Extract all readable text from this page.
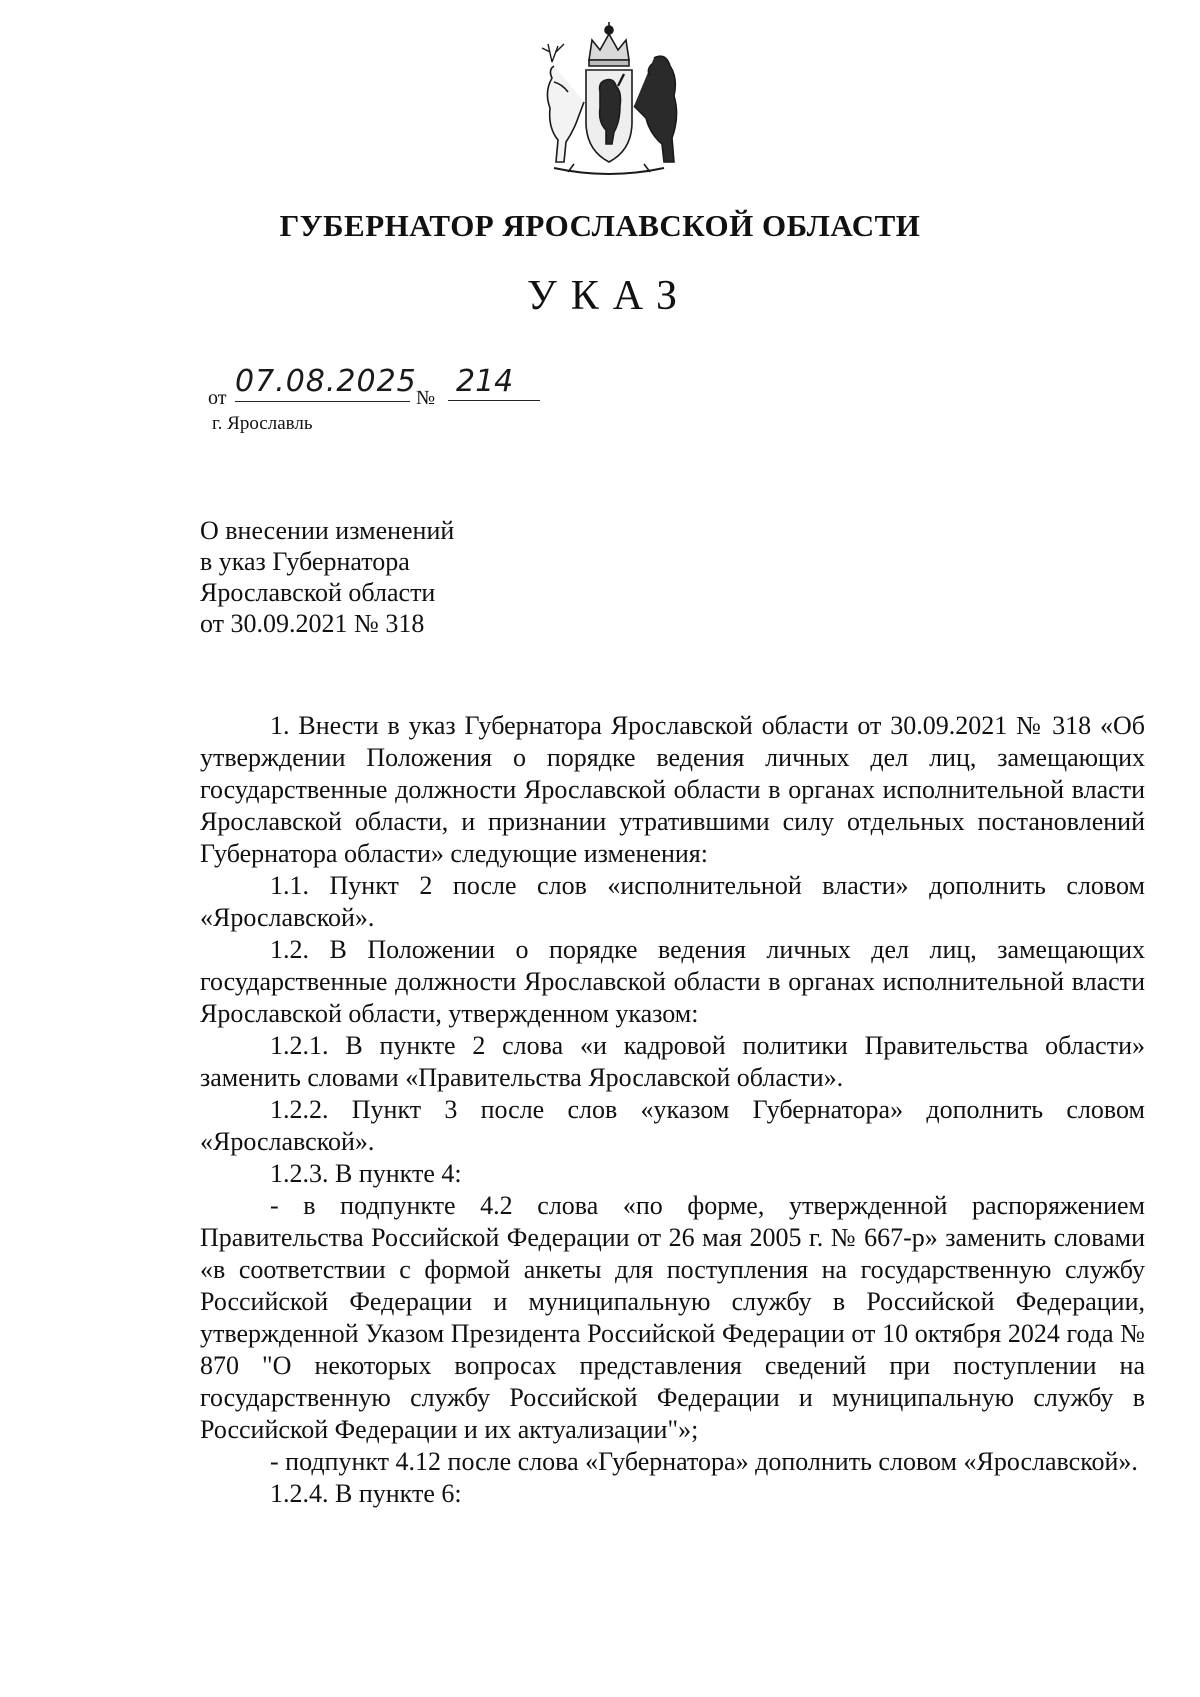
ГУБЕРНАТОР ЯРОСЛАВСКОЙ ОБЛАСТИ
УКАЗ
от 07.08.2025 № 214
г. Ярославль
О внесении изменений
в указ Губернатора
Ярославской области
от 30.09.2021 № 318

1. Внести в указ Губернатора Ярославской области от 30.09.2021 № 318 «Об утверждении Положения о порядке ведения личных дел лиц, замещающих государственные должности Ярославской области в органах исполнительной власти Ярославской области, и признании утратившими силу отдельных постановлений Губернатора области» следующие изменения:

1.1. Пункт 2 после слов «исполнительной власти» дополнить словом «Ярославской».

1.2. В Положении о порядке ведения личных дел лиц, замещающих государственные должности Ярославской области в органах исполнительной власти Ярославской области, утвержденном указом:

1.2.1. В пункте 2 слова «и кадровой политики Правительства области» заменить словами «Правительства Ярославской области».

1.2.2. Пункт 3 после слов «указом Губернатора» дополнить словом «Ярославской».

1.2.3. В пункте 4:

- в подпункте 4.2 слова «по форме, утвержденной распоряжением Правительства Российской Федерации от 26 мая 2005 г. № 667-р» заменить словами «в соответствии с формой анкеты для поступления на государственную службу Российской Федерации и муниципальную службу в Российской Федерации, утвержденной Указом Президента Российской Федерации от 10 октября 2024 года № 870 "О некоторых вопросах представления сведений при поступлении на государственную службу Российской Федерации и муниципальную службу в Российской Федерации и их актуализации"»;

- подпункт 4.12 после слова «Губернатора» дополнить словом «Ярославской».

1.2.4. В пункте 6:
